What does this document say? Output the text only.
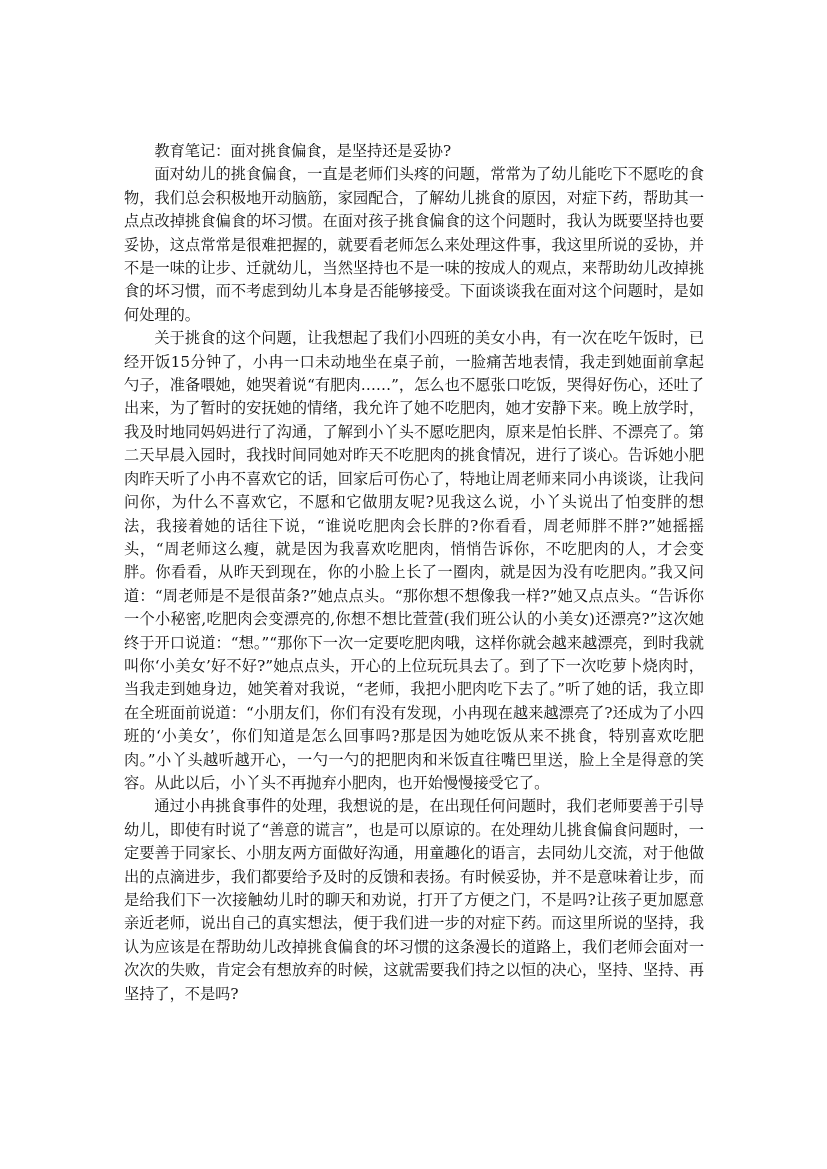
教育笔记：面对挑食偏食，是坚持还是妥协?

面对幼儿的挑食偏食，一直是老师们头疼的问题，常常为了幼儿能吃下不愿吃的食物，我们总会积极地开动脑筋，家园配合，了解幼儿挑食的原因，对症下药，帮助其一点点改掉挑食偏食的坏习惯。在面对孩子挑食偏食的这个问题时，我认为既要坚持也要妥协，这点常常是很难把握的，就要看老师怎么来处理这件事，我这里所说的妥协，并不是一味的让步、迁就幼儿，当然坚持也不是一味的按成人的观点，来帮助幼儿改掉挑食的坏习惯，而不考虑到幼儿本身是否能够接受。下面谈谈我在面对这个问题时，是如何处理的。

关于挑食的这个问题，让我想起了我们小四班的美女小冉，有一次在吃午饭时，已经开饭15分钟了，小冉一口未动地坐在桌子前，一脸痛苦地表情，我走到她面前拿起勺子，准备喂她，她哭着说“有肥肉……”，怎么也不愿张口吃饭，哭得好伤心，还吐了出来，为了暂时的安抚她的情绪，我允许了她不吃肥肉，她才安静下来。晚上放学时，我及时地同妈妈进行了沟通，了解到小丫头不愿吃肥肉，原来是怕长胖、不漂亮了。第二天早晨入园时，我找时间同她对昨天不吃肥肉的挑食情况，进行了谈心。告诉她小肥肉昨天听了小冉不喜欢它的话，回家后可伤心了，特地让周老师来同小冉谈谈，让我问问你，为什么不喜欢它，不愿和它做朋友呢?见我这么说，小丫头说出了怕变胖的想法，我接着她的话往下说，“谁说吃肥肉会长胖的?你看看，周老师胖不胖?”她摇摇头，“周老师这么瘦，就是因为我喜欢吃肥肉，悄悄告诉你，不吃肥肉的人，才会变胖。你看看，从昨天到现在，你的小脸上长了一圈肉，就是因为没有吃肥肉。”我又问道：“周老师是不是很苗条?”她点点头。“那你想不想像我一样?”她又点点头。“告诉你一个小秘密,吃肥肉会变漂亮的,你想不想比萱萱(我们班公认的小美女)还漂亮?”这次她终于开口说道：“想。”“那你下一次一定要吃肥肉哦，这样你就会越来越漂亮，到时我就叫你‘小美女’好不好?”她点点头，开心的上位玩玩具去了。到了下一次吃萝卜烧肉时，当我走到她身边，她笑着对我说，“老师，我把小肥肉吃下去了。”听了她的话，我立即在全班面前说道：“小朋友们，你们有没有发现，小冉现在越来越漂亮了?还成为了小四班的‘小美女’，你们知道是怎么回事吗?那是因为她吃饭从来不挑食，特别喜欢吃肥肉。”小丫头越听越开心，一勺一勺的把肥肉和米饭直往嘴巴里送，脸上全是得意的笑容。从此以后，小丫头不再抛弃小肥肉，也开始慢慢接受它了。

通过小冉挑食事件的处理，我想说的是，在出现任何问题时，我们老师要善于引导幼儿，即使有时说了“善意的谎言”，也是可以原谅的。在处理幼儿挑食偏食问题时，一定要善于同家长、小朋友两方面做好沟通，用童趣化的语言，去同幼儿交流，对于他做出的点滴进步，我们都要给予及时的反馈和表扬。有时候妥协，并不是意味着让步，而是给我们下一次接触幼儿时的聊天和劝说，打开了方便之门，不是吗?让孩子更加愿意亲近老师，说出自己的真实想法，便于我们进一步的对症下药。而这里所说的坚持，我认为应该是在帮助幼儿改掉挑食偏食的坏习惯的这条漫长的道路上，我们老师会面对一次次的失败，肯定会有想放弃的时候，这就需要我们持之以恒的决心，坚持、坚持、再坚持了，不是吗?
